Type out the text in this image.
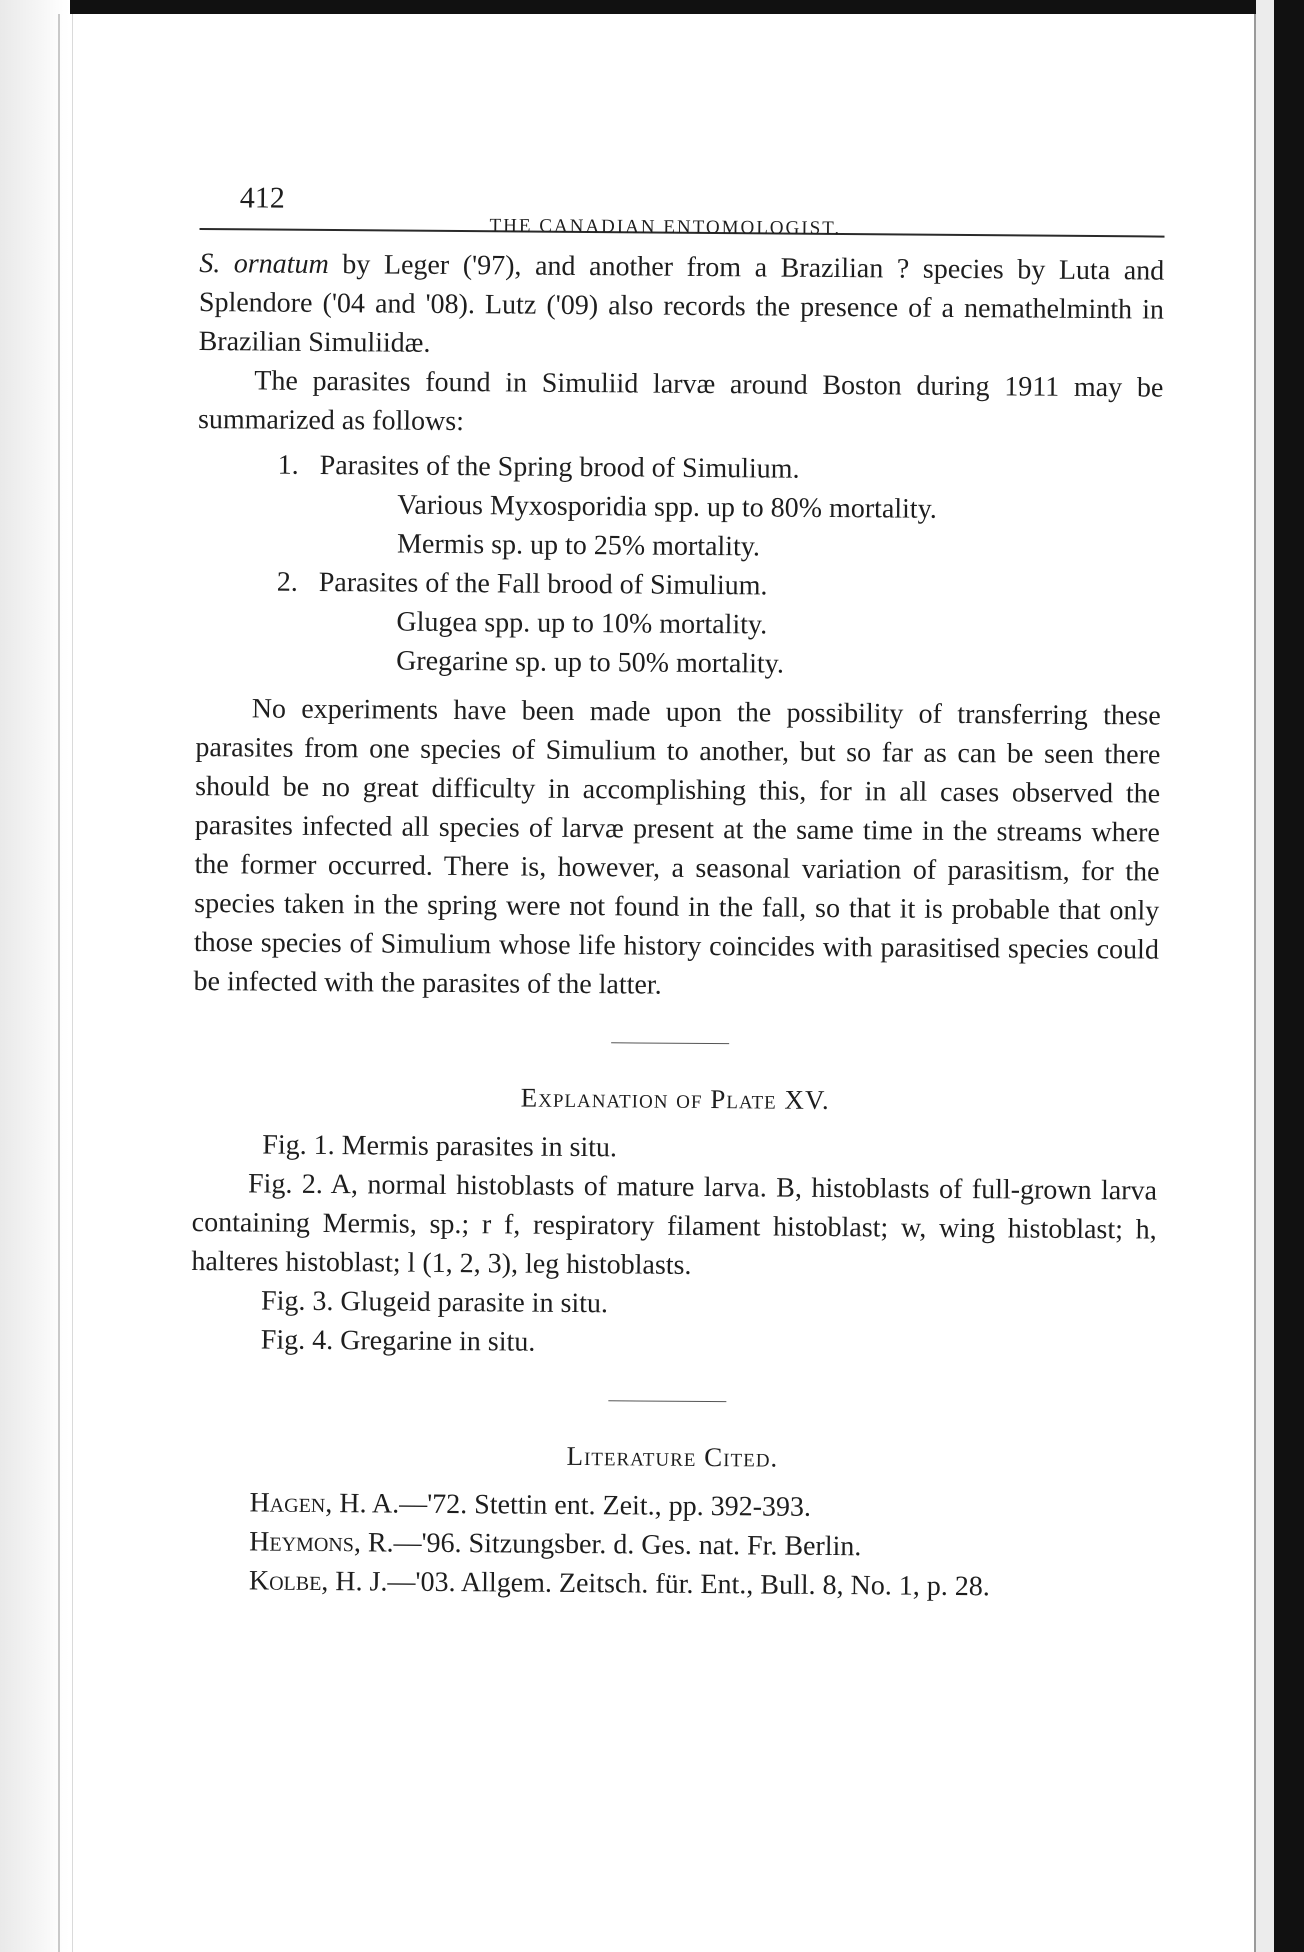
412
THE CANADIAN ENTOMOLOGIST.

S. ornatum by Leger ('97), and another from a Brazilian ? species by Luta and Splendore ('04 and '08). Lutz ('09) also records the presence of a nemathelminth in Brazilian Simuliidæ.

The parasites found in Simuliid larvæ around Boston during 1911 may be summarized as follows:

1. Parasites of the Spring brood of Simulium.

Various Myxosporidia spp. up to 80% mortality.

Mermis sp. up to 25% mortality.

2. Parasites of the Fall brood of Simulium.

Glugea spp. up to 10% mortality.

Gregarine sp. up to 50% mortality.

No experiments have been made upon the possibility of transferring these parasites from one species of Simulium to another, but so far as can be seen there should be no great difficulty in accomplishing this, for in all cases observed the parasites infected all species of larvæ present at the same time in the streams where the former occurred. There is, however, a seasonal variation of parasitism, for the species taken in the spring were not found in the fall, so that it is probable that only those species of Simulium whose life history coincides with parasitised species could be infected with the parasites of the latter.

Explanation of Plate XV.

Fig. 1. Mermis parasites in situ.

Fig. 2. A, normal histoblasts of mature larva. B, histoblasts of full-grown larva containing Mermis, sp.; r f, respiratory filament histoblast; w, wing histoblast; h, halteres histoblast; l (1, 2, 3), leg histoblasts.

Fig. 3. Glugeid parasite in situ.

Fig. 4. Gregarine in situ.

Literature Cited.

Hagen, H. A.—'72. Stettin ent. Zeit., pp. 392-393.

Heymons, R.—'96. Sitzungsber. d. Ges. nat. Fr. Berlin.

Kolbe, H. J.—'03. Allgem. Zeitsch. für. Ent., Bull. 8, No. 1, p. 28.
